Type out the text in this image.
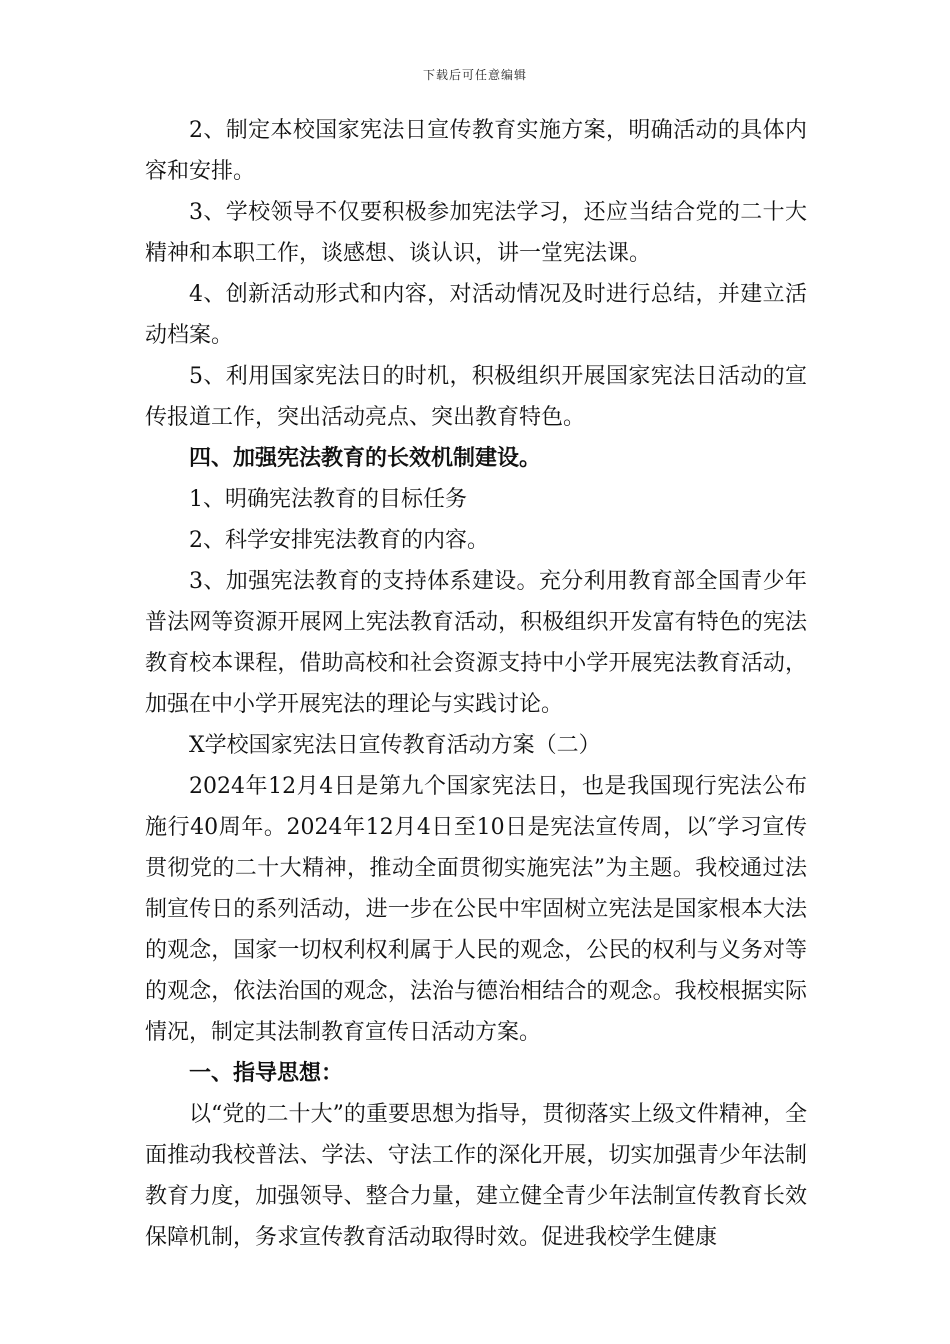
下载后可任意编辑

2、制定本校国家宪法日宣传教育实施方案，明确活动的具体内容和安排。

3、学校领导不仅要积极参加宪法学习，还应当结合党的二十大精神和本职工作，谈感想、谈认识，讲一堂宪法课。

4、创新活动形式和内容，对活动情况及时进行总结，并建立活动档案。

5、利用国家宪法日的时机，积极组织开展国家宪法日活动的宣传报道工作，突出活动亮点、突出教育特色。

四、加强宪法教育的长效机制建设。

1、明确宪法教育的目标任务

2、科学安排宪法教育的内容。

3、加强宪法教育的支持体系建设。充分利用教育部全国青少年普法网等资源开展网上宪法教育活动，积极组织开发富有特色的宪法教育校本课程，借助高校和社会资源支持中小学开展宪法教育活动，加强在中小学开展宪法的理论与实践讨论。

X学校国家宪法日宣传教育活动方案（二）

2024年12月4日是第九个国家宪法日，也是我国现行宪法公布施行40周年。2024年12月4日至10日是宪法宣传周，以″学习宣传贯彻党的二十大精神，推动全面贯彻实施宪法”为主题。我校通过法制宣传日的系列活动，进一步在公民中牢固树立宪法是国家根本大法的观念，国家一切权利权利属于人民的观念，公民的权利与义务对等的观念，依法治国的观念，法治与德治相结合的观念。我校根据实际情况，制定其法制教育宣传日活动方案。

一、指导思想：

以“党的二十大”的重要思想为指导，贯彻落实上级文件精神，全面推动我校普法、学法、守法工作的深化开展，切实加强青少年法制教育力度，加强领导、整合力量，建立健全青少年法制宣传教育长效保障机制，务求宣传教育活动取得时效。促进我校学生健康
